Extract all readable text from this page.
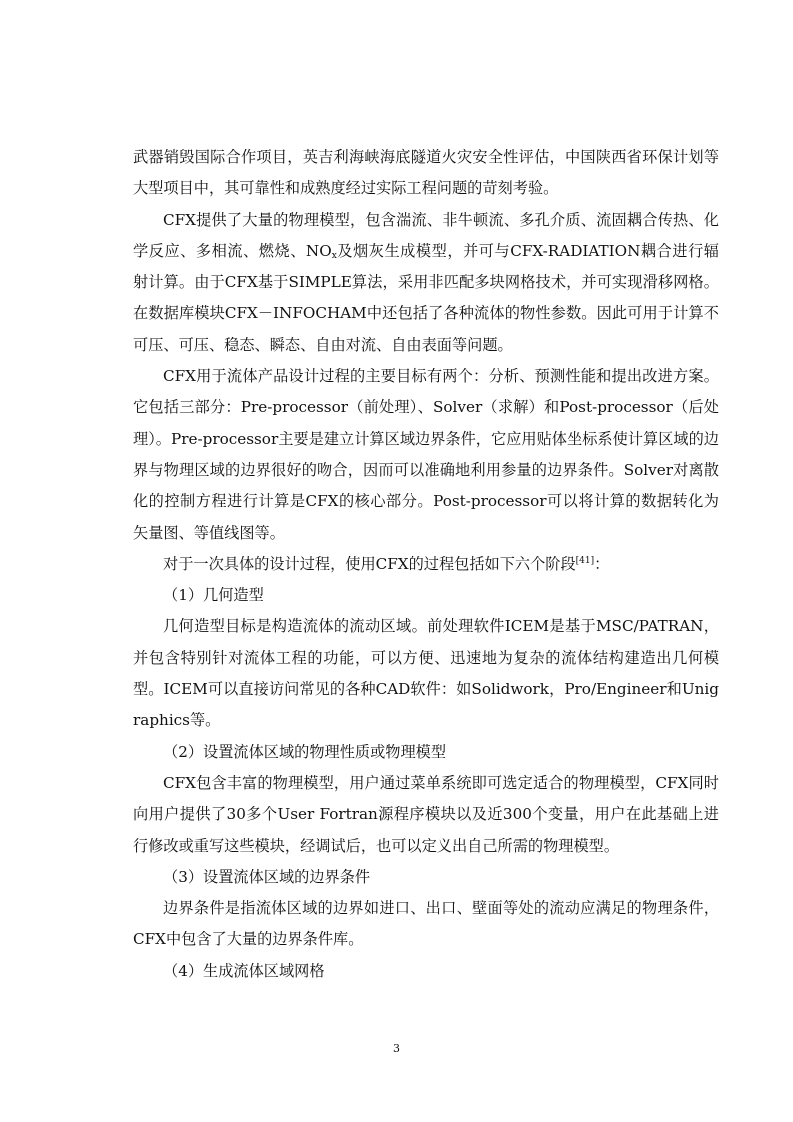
武器销毁国际合作项目，英吉利海峡海底隧道火灾安全性评估，中国陕西省环保计划等大型项目中，其可靠性和成熟度经过实际工程问题的苛刻考验。

CFX提供了大量的物理模型，包含湍流、非牛顿流、多孔介质、流固耦合传热、化学反应、多相流、燃烧、$NO_x$及烟灰生成模型，并可与CFX-RADIATION耦合进行辐射计算。由于CFX基于SIMPLE算法，采用非匹配多块网格技术，并可实现滑移网格。在数据库模块CFX－INFOCHAM中还包括了各种流体的物性参数。因此可用于计算不可压、可压、稳态、瞬态、自由对流、自由表面等问题。

CFX用于流体产品设计过程的主要目标有两个：分析、预测性能和提出改进方案。它包括三部分：Pre-processor（前处理）、Solver（求解）和Post-processor（后处理）。Pre-processor主要是建立计算区域边界条件，它应用贴体坐标系使计算区域的边界与物理区域的边界很好的吻合，因而可以准确地利用参量的边界条件。Solver对离散化的控制方程进行计算是CFX的核心部分。Post-processor可以将计算的数据转化为矢量图、等值线图等。

对于一次具体的设计过程，使用CFX的过程包括如下六个阶段[41]：

（1）几何造型

几何造型目标是构造流体的流动区域。前处理软件ICEM是基于MSC/PATRAN，并包含特别针对流体工程的功能，可以方便、迅速地为复杂的流体结构建造出几何模型。ICEM可以直接访问常见的各种CAD软件：如Solidwork，Pro/Engineer和Unigraphics等。

（2）设置流体区域的物理性质或物理模型

CFX包含丰富的物理模型，用户通过菜单系统即可选定适合的物理模型，CFX同时向用户提供了30多个User Fortran源程序模块以及近300个变量，用户在此基础上进行修改或重写这些模块，经调试后，也可以定义出自己所需的物理模型。

（3）设置流体区域的边界条件

边界条件是指流体区域的边界如进口、出口、壁面等处的流动应满足的物理条件，CFX中包含了大量的边界条件库。

（4）生成流体区域网格

3
